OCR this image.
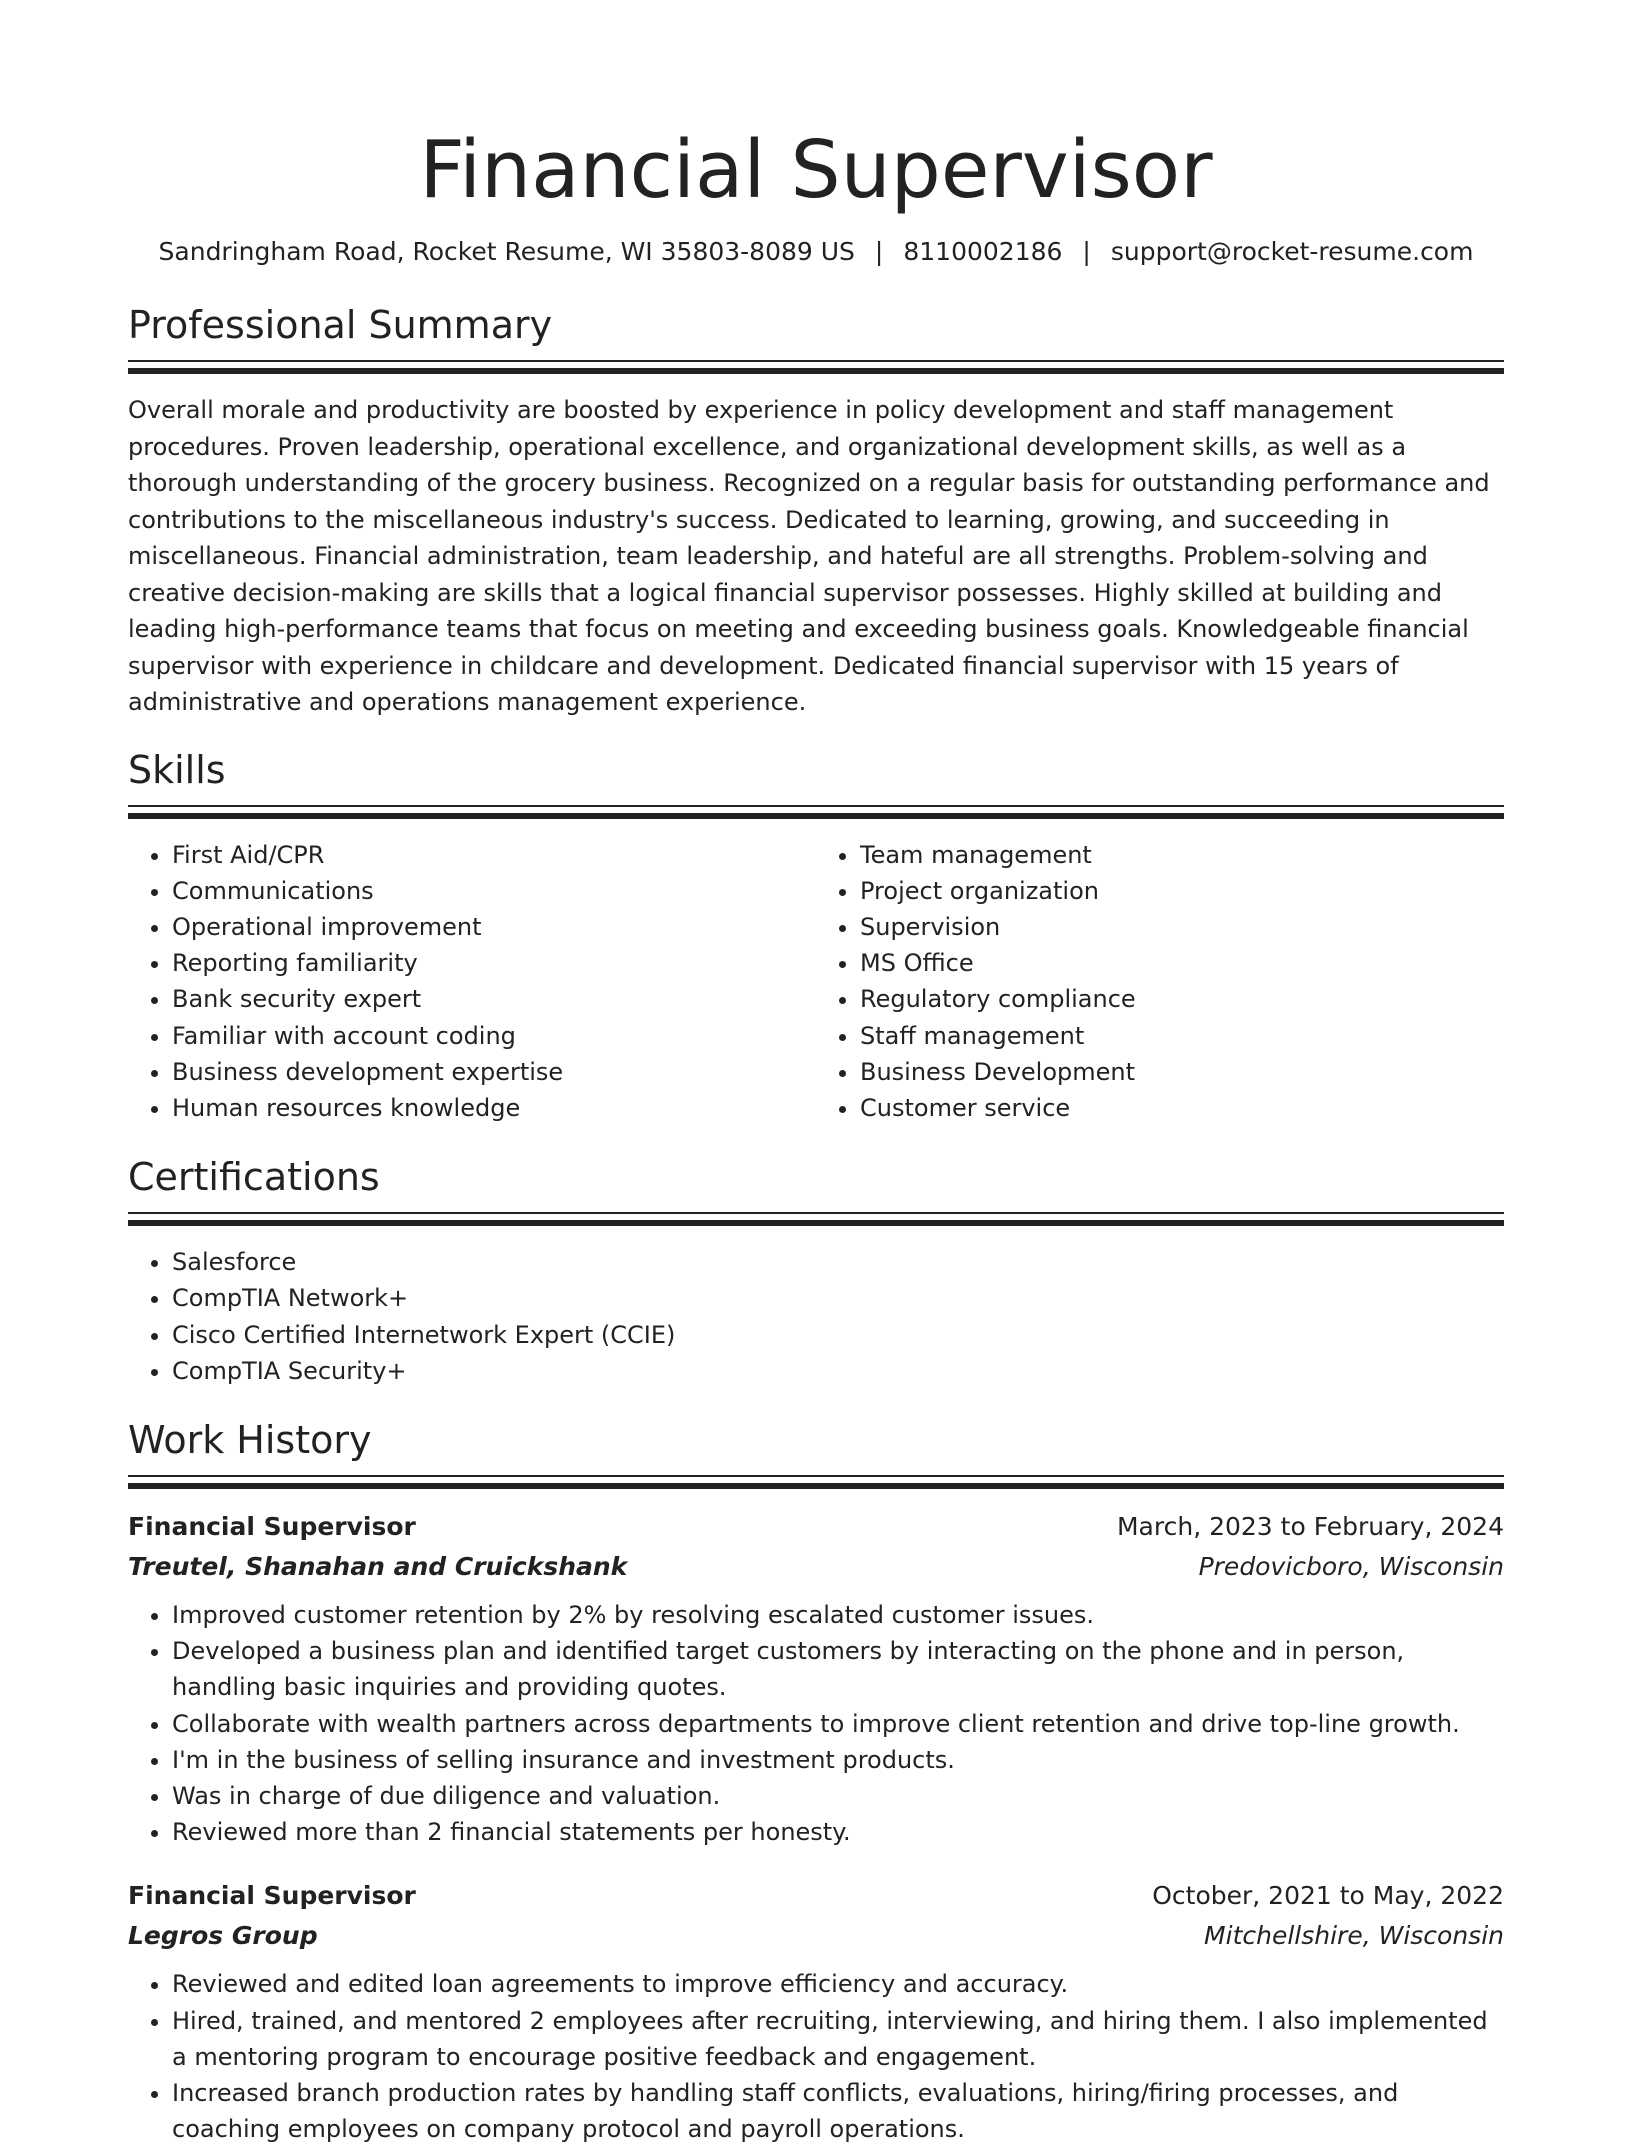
Financial Supervisor
Sandringham Road, Rocket Resume, WI 35803-8089 US | 8110002186 | support@rocket-resume.com
Professional Summary

Overall morale and productivity are boosted by experience in policy development and staff management procedures. Proven leadership, operational excellence, and organizational development skills, as well as a thorough understanding of the grocery business. Recognized on a regular basis for outstanding performance and contributions to the miscellaneous industry's success. Dedicated to learning, growing, and succeeding in miscellaneous. Financial administration, team leadership, and hateful are all strengths. Problem-solving and creative decision-making are skills that a logical financial supervisor possesses. Highly skilled at building and leading high-performance teams that focus on meeting and exceeding business goals. Knowledgeable financial supervisor with experience in childcare and development. Dedicated financial supervisor with 15 years of administrative and operations management experience.

Skills
• First Aid/CPR
• Communications
• Operational improvement
• Reporting familiarity
• Bank security expert
• Familiar with account coding
• Business development expertise
• Human resources knowledge
• Team management
• Project organization
• Supervision
• MS Office
• Regulatory compliance
• Staff management
• Business Development
• Customer service
Certifications
• Salesforce
• CompTIA Network+
• Cisco Certified Internetwork Expert (CCIE)
• CompTIA Security+
Work History
Financial Supervisor	March, 2023 to February, 2024
Treutel, Shanahan and Cruickshank	Predovicboro, Wisconsin
• Improved customer retention by 2% by resolving escalated customer issues.
• Developed a business plan and identified target customers by interacting on the phone and in person, handling basic inquiries and providing quotes.
• Collaborate with wealth partners across departments to improve client retention and drive top-line growth.
• I'm in the business of selling insurance and investment products.
• Was in charge of due diligence and valuation.
• Reviewed more than 2 financial statements per honesty.
Financial Supervisor	October, 2021 to May, 2022
Legros Group	Mitchellshire, Wisconsin
• Reviewed and edited loan agreements to improve efficiency and accuracy.
• Hired, trained, and mentored 2 employees after recruiting, interviewing, and hiring them. I also implemented a mentoring program to encourage positive feedback and engagement.
• Increased branch production rates by handling staff conflicts, evaluations, hiring/firing processes, and coaching employees on company protocol and payroll operations.
